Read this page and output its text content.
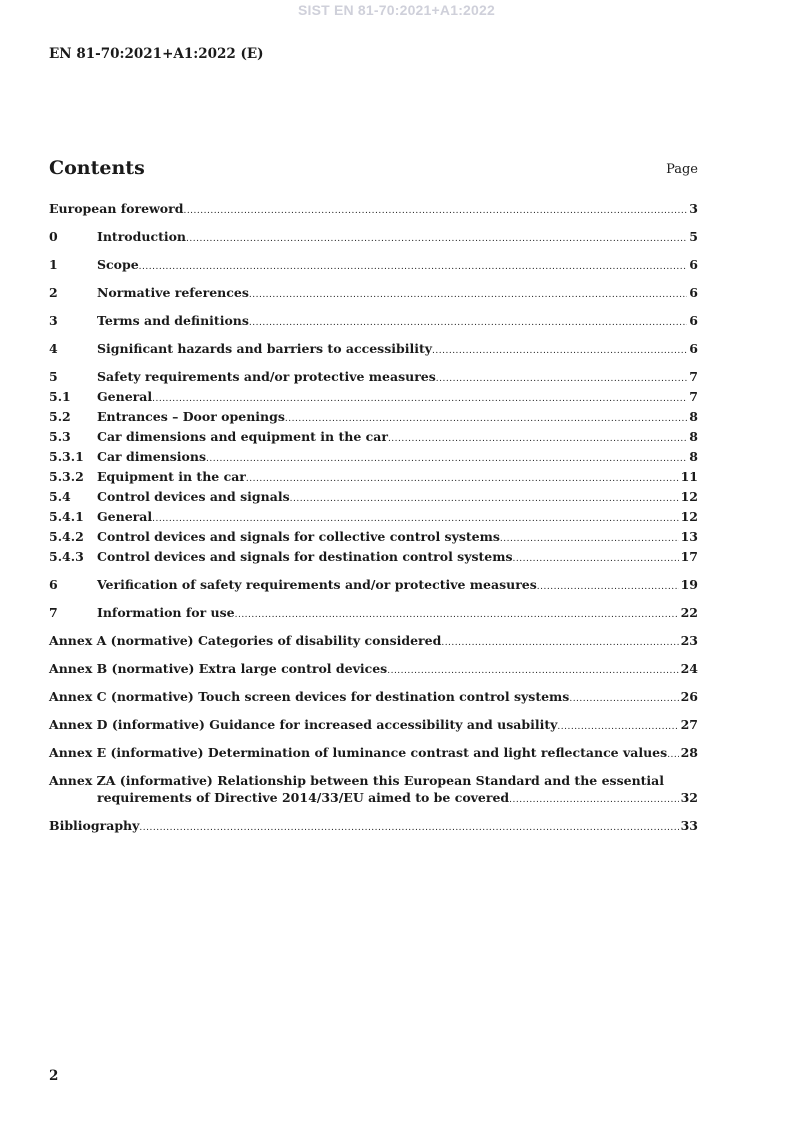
SIST EN 81-70:2021+A1:2022
EN 81-70:2021+A1:2022 (E)
Contents	Page
European foreword .....	3
0	Introduction .....	5
1	Scope .....	6
2	Normative references .....	6
3	Terms and definitions .....	6
4	Significant hazards and barriers to accessibility .....	6
5	Safety requirements and/or protective measures .....	7
5.1	General .....	7
5.2	Entrances – Door openings .....	8
5.3	Car dimensions and equipment in the car .....	8
5.3.1	Car dimensions .....	8
5.3.2	Equipment in the car .....	11
5.4	Control devices and signals .....	12
5.4.1	General .....	12
5.4.2	Control devices and signals for collective control systems .....	13
5.4.3	Control devices and signals for destination control systems .....	17
6	Verification of safety requirements and/or protective measures .....	19
7	Information for use .....	22
Annex A (normative) Categories of disability considered .....	23
Annex B (normative) Extra large control devices .....	24
Annex C (normative) Touch screen devices for destination control systems .....	26
Annex D (informative) Guidance for increased accessibility and usability .....	27
Annex E (informative) Determination of luminance contrast and light reflectance values ..... 28
Annex ZA (informative) Relationship between this European Standard and the essential
requirements of Directive 2014/33/EU aimed to be covered .....	32
Bibliography .....	33
2
